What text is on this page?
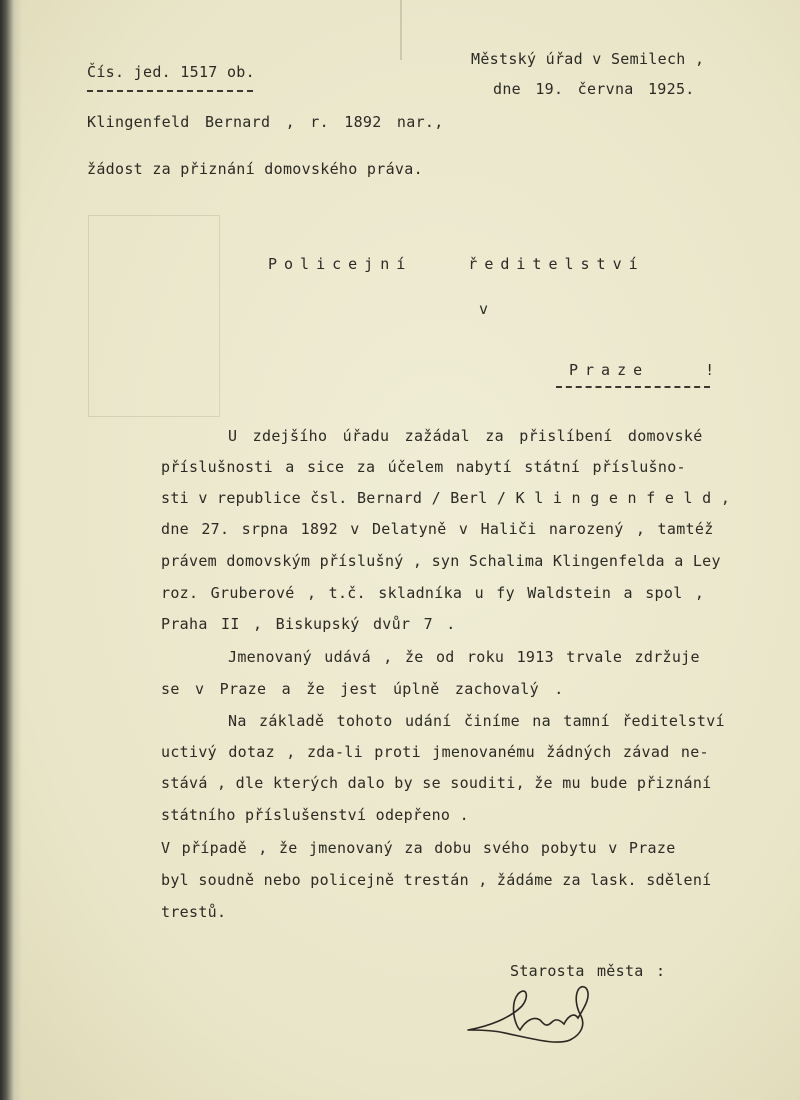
Čís. jed. 1517 ob.
Klingenfeld Bernard , r. 1892 nar.,
žádost za přiznání domovského práva.
Městský úřad v Semilech ,
dne 19. června 1925.
Policejní ředitelství
v
Praze !
U zdejšího úřadu zažádal za přislíbení domovské
příslušnosti a sice za účelem nabytí státní příslušno-
sti v republice čsl. Bernard / Berl / K l i n g e n f e l d ,
dne 27. srpna 1892 v Delatyně v Haliči narozený , tamtéž
právem domovským příslušný , syn Schalima Klingenfelda a Ley
roz. Gruberové , t.č. skladníka u fy Waldstein a spol ,
Praha II , Biskupský dvůr 7 .
Jmenovaný udává , že od roku 1913 trvale zdržuje
se v Praze a že jest úplně zachovalý .
Na základě tohoto udání činíme na tamní ředitelství
uctivý dotaz , zda-li proti jmenovanému žádných závad ne-
stává , dle kterých dalo by se souditi, že mu bude přiznání
státního příslušenství odepřeno .
V případě , že jmenovaný za dobu svého pobytu v Praze
byl soudně nebo policejně trestán , žádáme za lask. sdělení
trestů.
Starosta města :
